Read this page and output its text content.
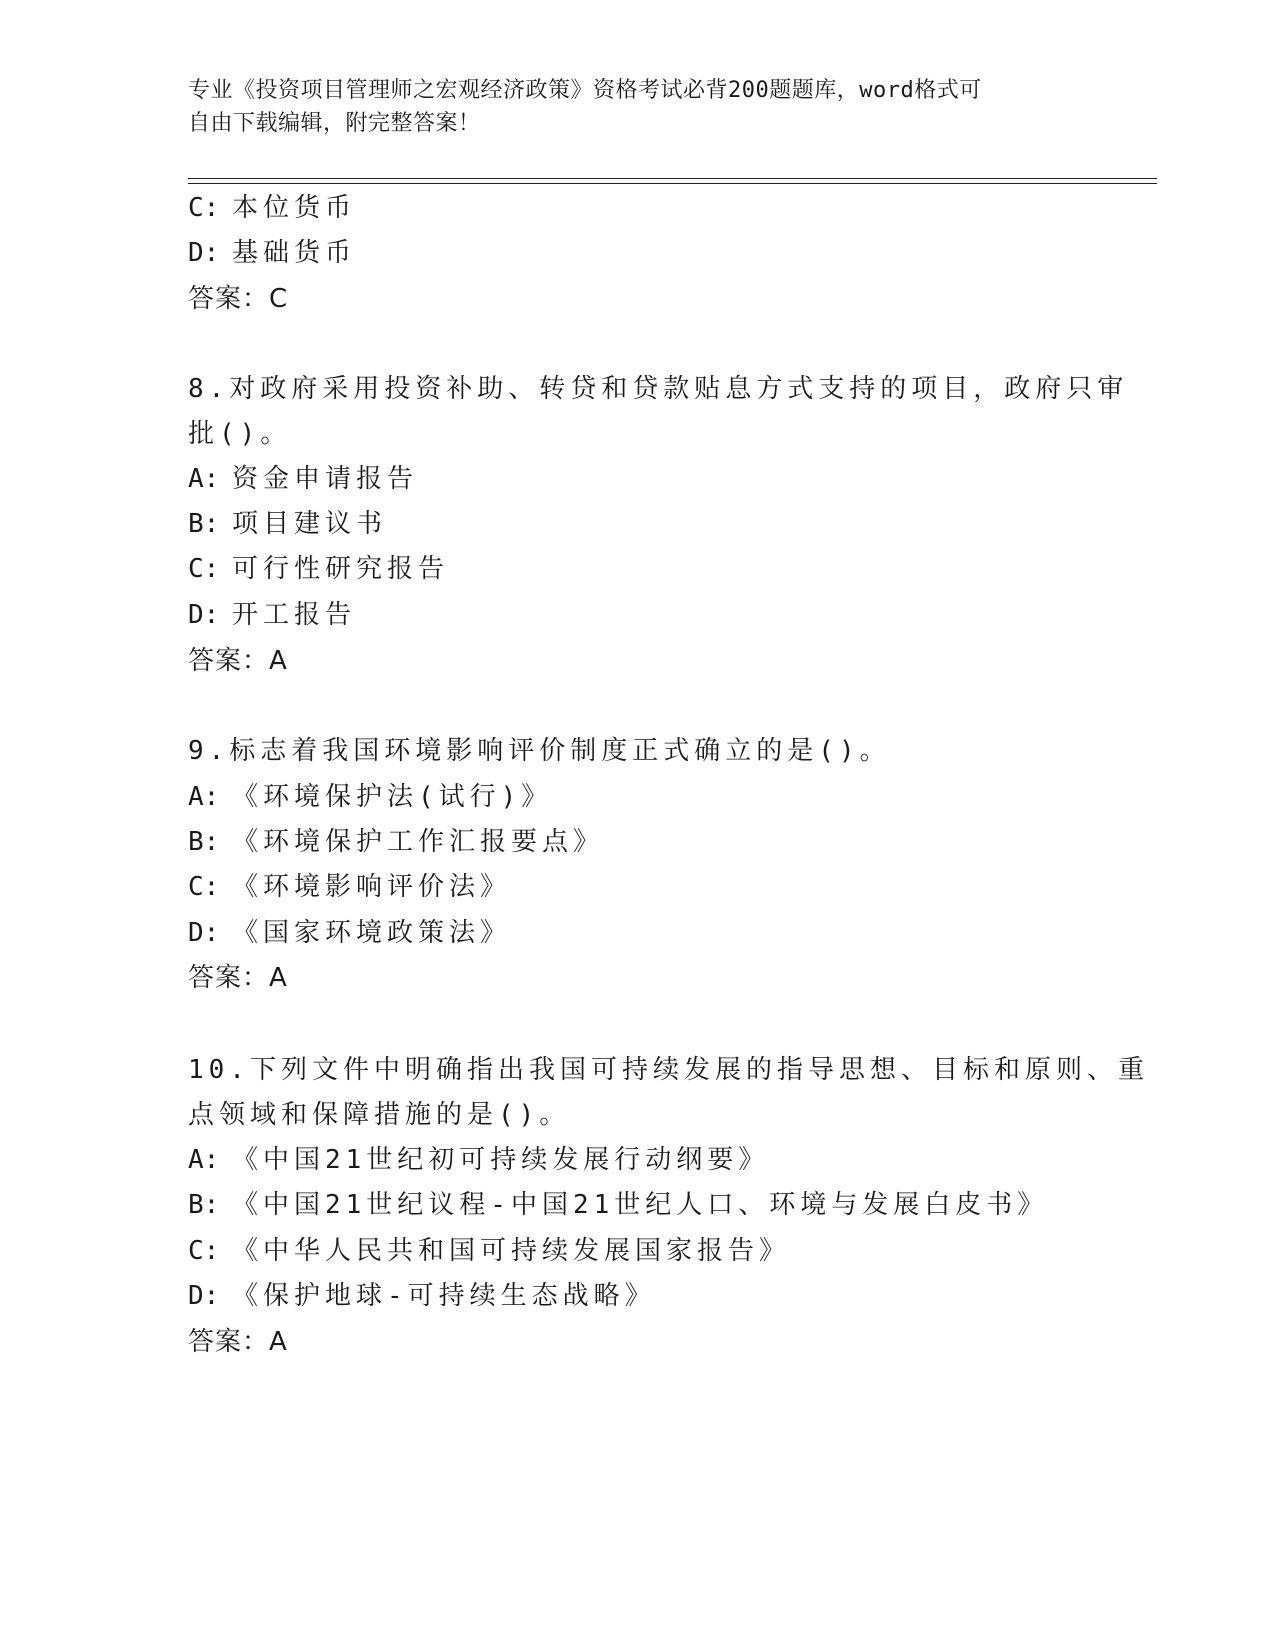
专业《投资项目管理师之宏观经济政策》资格考试必背200题题库，word格式可
自由下载编辑，附完整答案！
C: 本位货币
D: 基础货币
答案：C
8.对政府采用投资补助、转贷和贷款贴息方式支持的项目，政府只审
批()。
A: 资金申请报告
B: 项目建议书
C: 可行性研究报告
D: 开工报告
答案：A
9.标志着我国环境影响评价制度正式确立的是()。
A: 《环境保护法(试行)》
B: 《环境保护工作汇报要点》
C: 《环境影响评价法》
D: 《国家环境政策法》
答案：A
10.下列文件中明确指出我国可持续发展的指导思想、目标和原则、重
点领域和保障措施的是()。
A: 《中国21世纪初可持续发展行动纲要》
B: 《中国21世纪议程-中国21世纪人口、环境与发展白皮书》
C: 《中华人民共和国可持续发展国家报告》
D: 《保护地球-可持续生态战略》
答案：A
